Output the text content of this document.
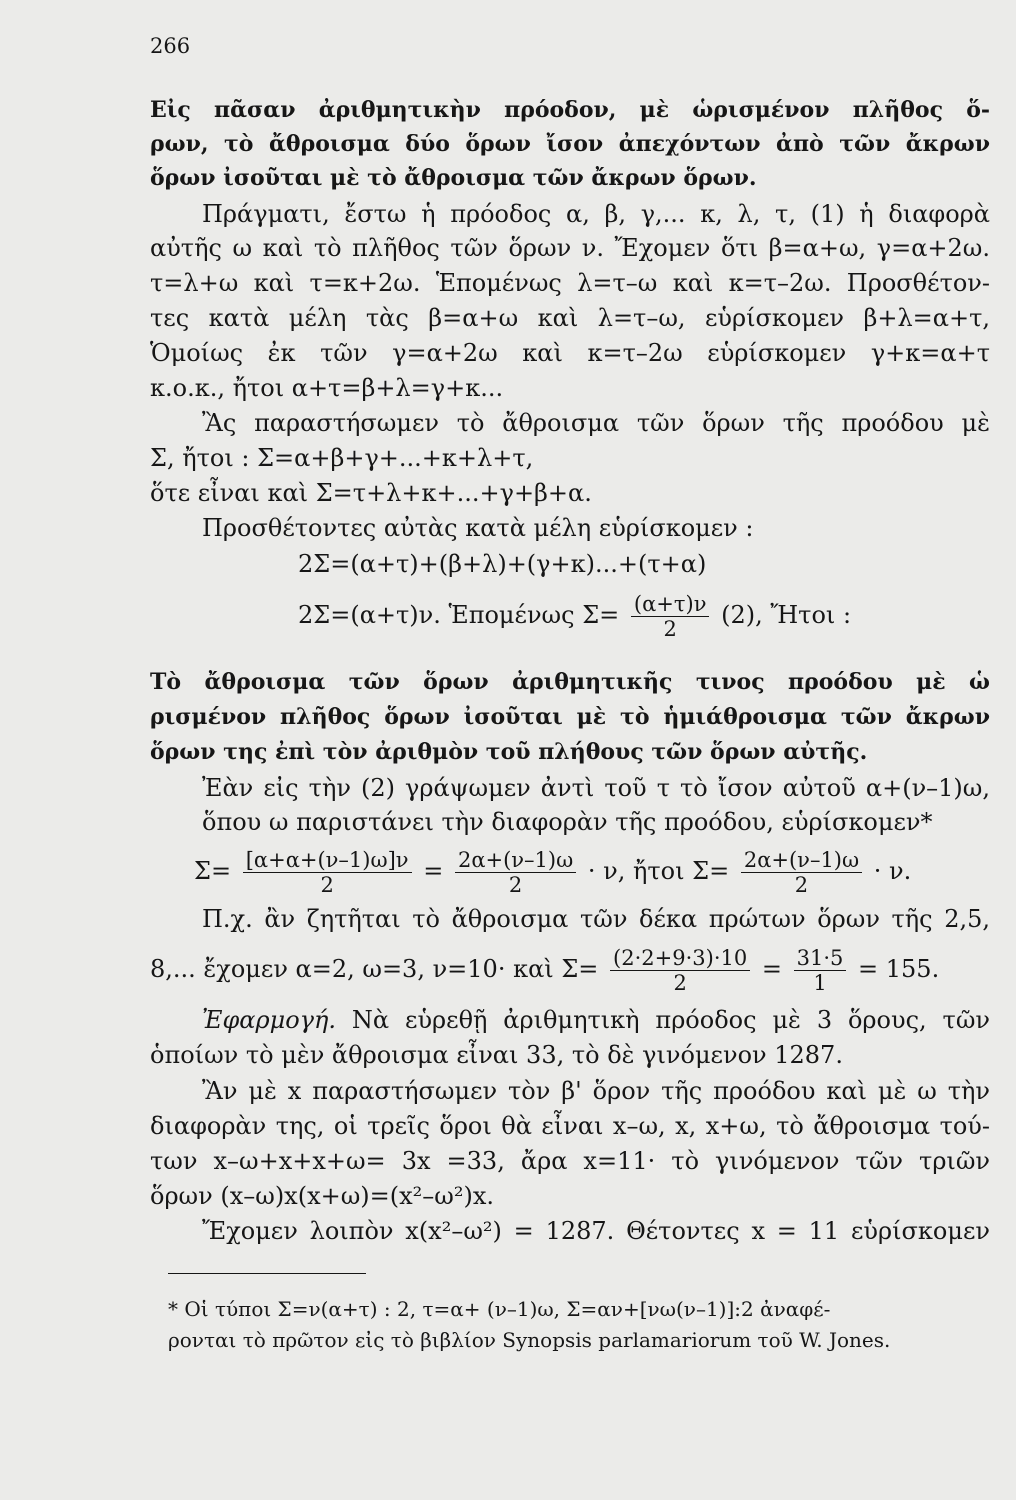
266
Εἰς πᾶσαν ἀριθμητικὴν πρόοδον, μὲ ὡρισμένον πλῆθος ὅ-
ρων, τὸ ἄθροισμα δύο ὅρων ἴσον ἀπεχόντων ἀπὸ τῶν ἄκρων
ὅρων ἰσοῦται μὲ τὸ ἄθροισμα τῶν ἄκρων ὅρων.
Πράγματι, ἔστω ἡ πρόοδος α, β, γ,... κ, λ, τ, (1) ἡ διαφορὰ
αὐτῆς ω καὶ τὸ πλῆθος τῶν ὅρων ν. Ἔχομεν ὅτι β=α+ω, γ=α+2ω.
τ=λ+ω καὶ τ=κ+2ω. Ἑπομένως λ=τ–ω καὶ κ=τ–2ω. Προσθέτον-
τες κατὰ μέλη τὰς β=α+ω καὶ λ=τ–ω, εὑρίσκομεν β+λ=α+τ,
Ὁμοίως ἐκ τῶν γ=α+2ω καὶ κ=τ–2ω εὑρίσκομεν γ+κ=α+τ
κ.ο.κ., ἤτοι α+τ=β+λ=γ+κ...
Ἂς παραστήσωμεν τὸ ἄθροισμα τῶν ὅρων τῆς προόδου μὲ
Σ, ἤτοι : Σ=α+β+γ+...+κ+λ+τ,
ὅτε εἶναι καὶ Σ=τ+λ+κ+...+γ+β+α.
Προσθέτοντες αὐτὰς κατὰ μέλη εὑρίσκομεν :
2Σ=(α+τ)+(β+λ)+(γ+κ)...+(τ+α)
2Σ=(α+τ)ν. Ἑπομένως $\Sigma= \frac{(\alpha+\tau)\nu}{2} (2)$, Ἤτοι :
Τὸ ἄθροισμα τῶν ὅρων ἀριθμητικῆς τινος προόδου μὲ ὡ
ρισμένον πλῆθος ὅρων ἰσοῦται μὲ τὸ ἡμιάθροισμα τῶν ἄκρων
ὅρων της ἐπὶ τὸν ἀριθμὸν τοῦ πλήθους τῶν ὅρων αὐτῆς.
Ἐὰν εἰς τὴν (2) γράψωμεν ἀντὶ τοῦ τ τὸ ἴσον αὐτοῦ α+(ν–1)ω,
ὅπου ω παριστάνει τὴν διαφορὰν τῆς προόδου, εὑρίσκομεν*
$\Sigma= \frac{[\alpha+\alpha+(\nu-1)\omega]\nu}{2} = \frac{2\alpha+(\nu-1)\omega}{2} \cdot \nu$, ἤτοι $\Sigma= \frac{2\alpha+(\nu-1)\omega}{2} \cdot \nu$.
Π.χ. ἂν ζητῆται τὸ ἄθροισμα τῶν δέκα πρώτων ὅρων τῆς 2,5,
8,... ἔχομεν α=2, ω=3, ν=10· καὶ $\Sigma= \frac{(2\cdot 2+9\cdot 3)\cdot 10}{2} = \frac{31\cdot 5}{1} = 155$.
Ἐφαρμογή. Νὰ εὑρεθῇ ἀριθμητικὴ πρόοδος μὲ 3 ὅρους, τῶν
ὁποίων τὸ μὲν ἄθροισμα εἶναι 33, τὸ δὲ γινόμενον 1287.
Ἂν μὲ x παραστήσωμεν τὸν β' ὅρον τῆς προόδου καὶ μὲ ω τὴν
διαφορὰν της, οἱ τρεῖς ὅροι θὰ εἶναι x–ω, x, x+ω, τὸ ἄθροισμα τού-
των x–ω+x+x+ω= 3x =33, ἄρα x=11· τὸ γινόμενον τῶν τριῶν
ὅρων (x–ω)x(x+ω)=(x²–ω²)x.
Ἔχομεν λοιπὸν x(x²–ω²) = 1287. Θέτοντες x = 11 εὑρίσκομεν
* Οἱ τύποι Σ=ν(α+τ) : 2, τ=α+ (ν–1)ω, Σ=αν+[νω(ν–1)]:2 ἀναφέ-
ρονται τὸ πρῶτον εἰς τὸ βιβλίον Synopsis parlamariorum τοῦ W. Jones.
